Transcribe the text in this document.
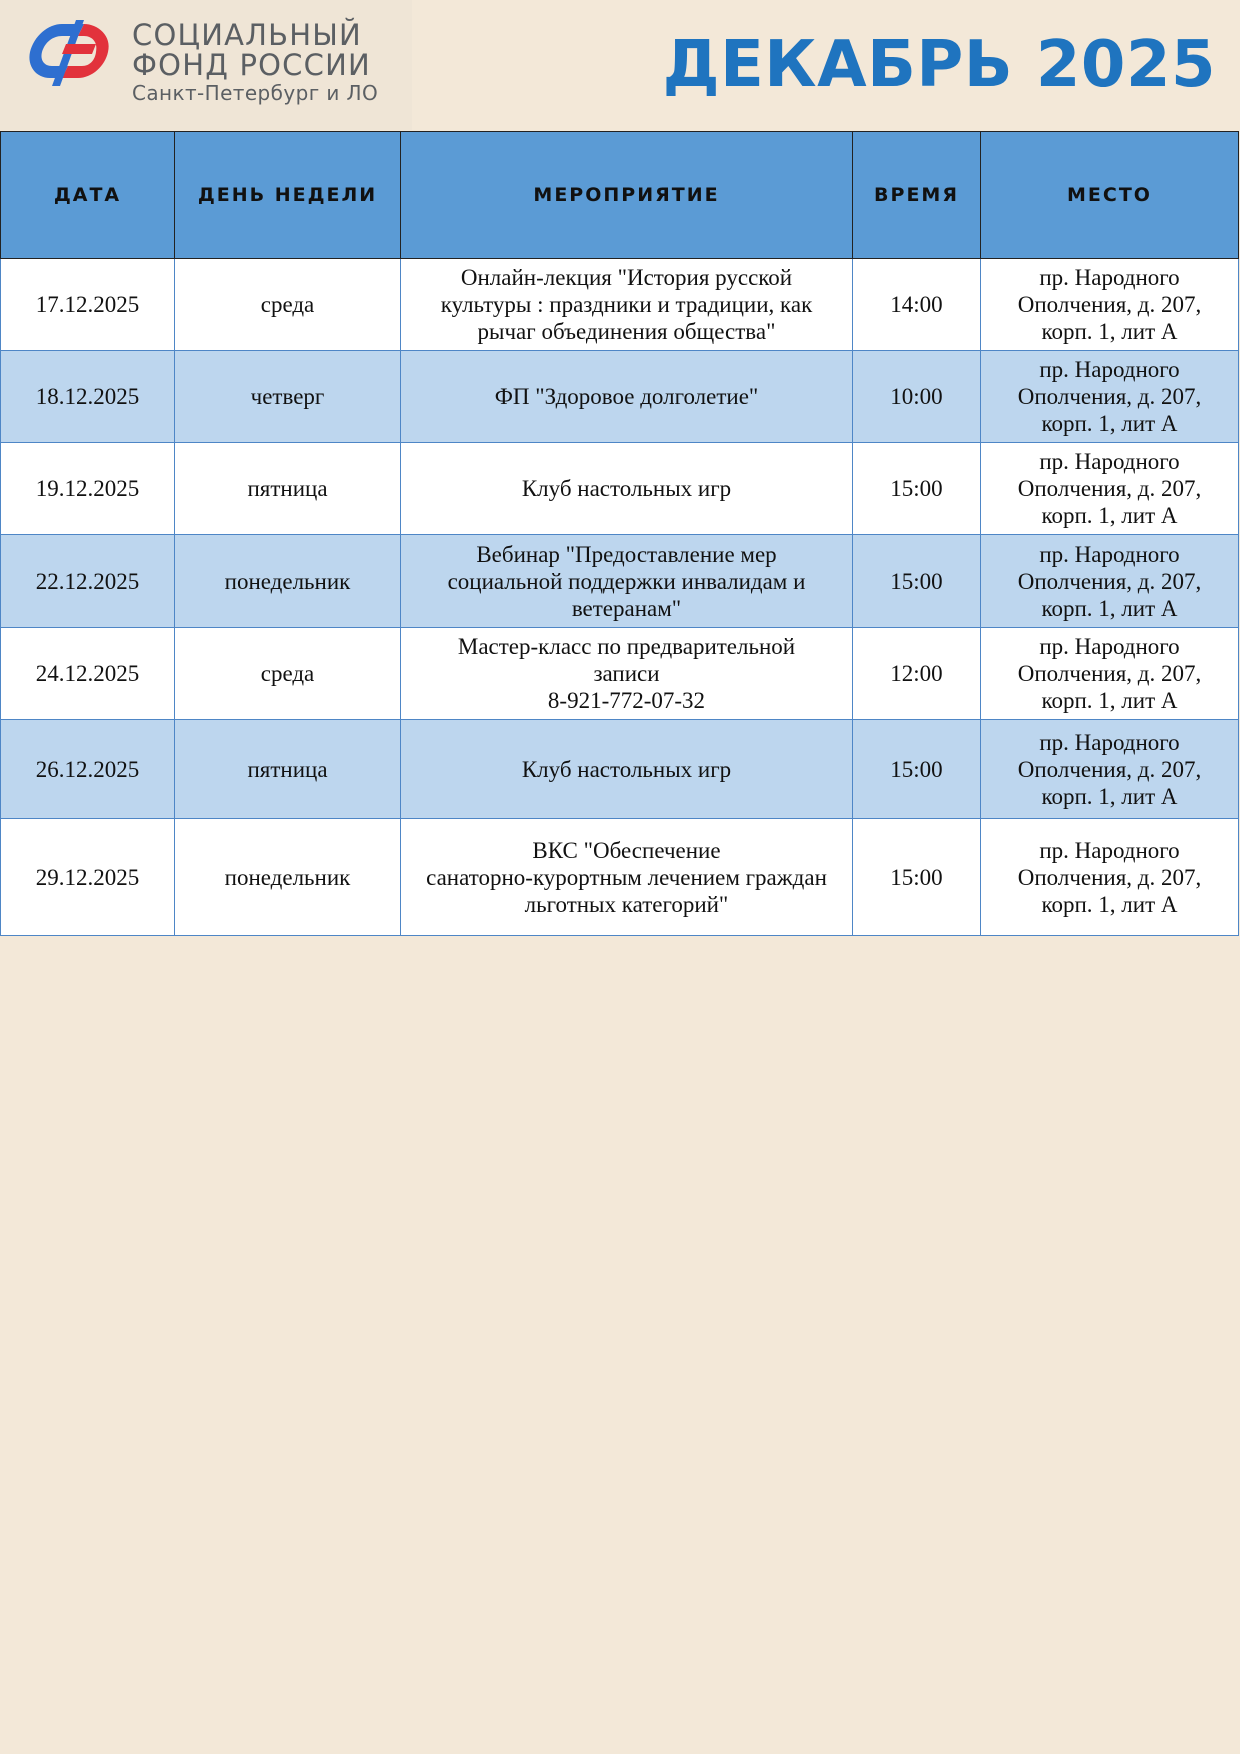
СОЦИАЛЬНЫЙ
ФОНД РОССИИ
Санкт-Петербург и ЛО	ДЕКАБРЬ 2025
ДАТА	ДЕНЬ НЕДЕЛИ	МЕРОПРИЯТИЕ	ВРЕМЯ	МЕСТО
17.12.2025	среда	Онлайн-лекция "История русской
культуры : праздники и традиции, как
рычаг объединения общества"	14:00	пр. Народного
Ополчения, д. 207,
корп. 1, лит А

18.12.2025	четверг	ФП "Здоровое долголетие"	10:00	пр. Народного
Ополчения, д. 207,
корп. 1, лит А

19.12.2025	пятница	Клуб настольных игр	15:00	пр. Народного
Ополчения, д. 207,
корп. 1, лит А

22.12.2025	понедельник	Вебинар "Предоставление мер
социальной поддержки инвалидам и
ветеранам"	15:00	пр. Народного
Ополчения, д. 207,
корп. 1, лит А

24.12.2025	среда	Мастер-класс по предварительной
записи
8-921-772-07-32	12:00	пр. Народного
Ополчения, д. 207,
корп. 1, лит А

26.12.2025	пятница	Клуб настольных игр	15:00	пр. Народного
Ополчения, д. 207,
корп. 1, лит А

29.12.2025	понедельник	ВКС "Обеспечение
санаторно-курортным лечением граждан
льготных категорий"	15:00	пр. Народного
Ополчения, д. 207,
корп. 1, лит А
